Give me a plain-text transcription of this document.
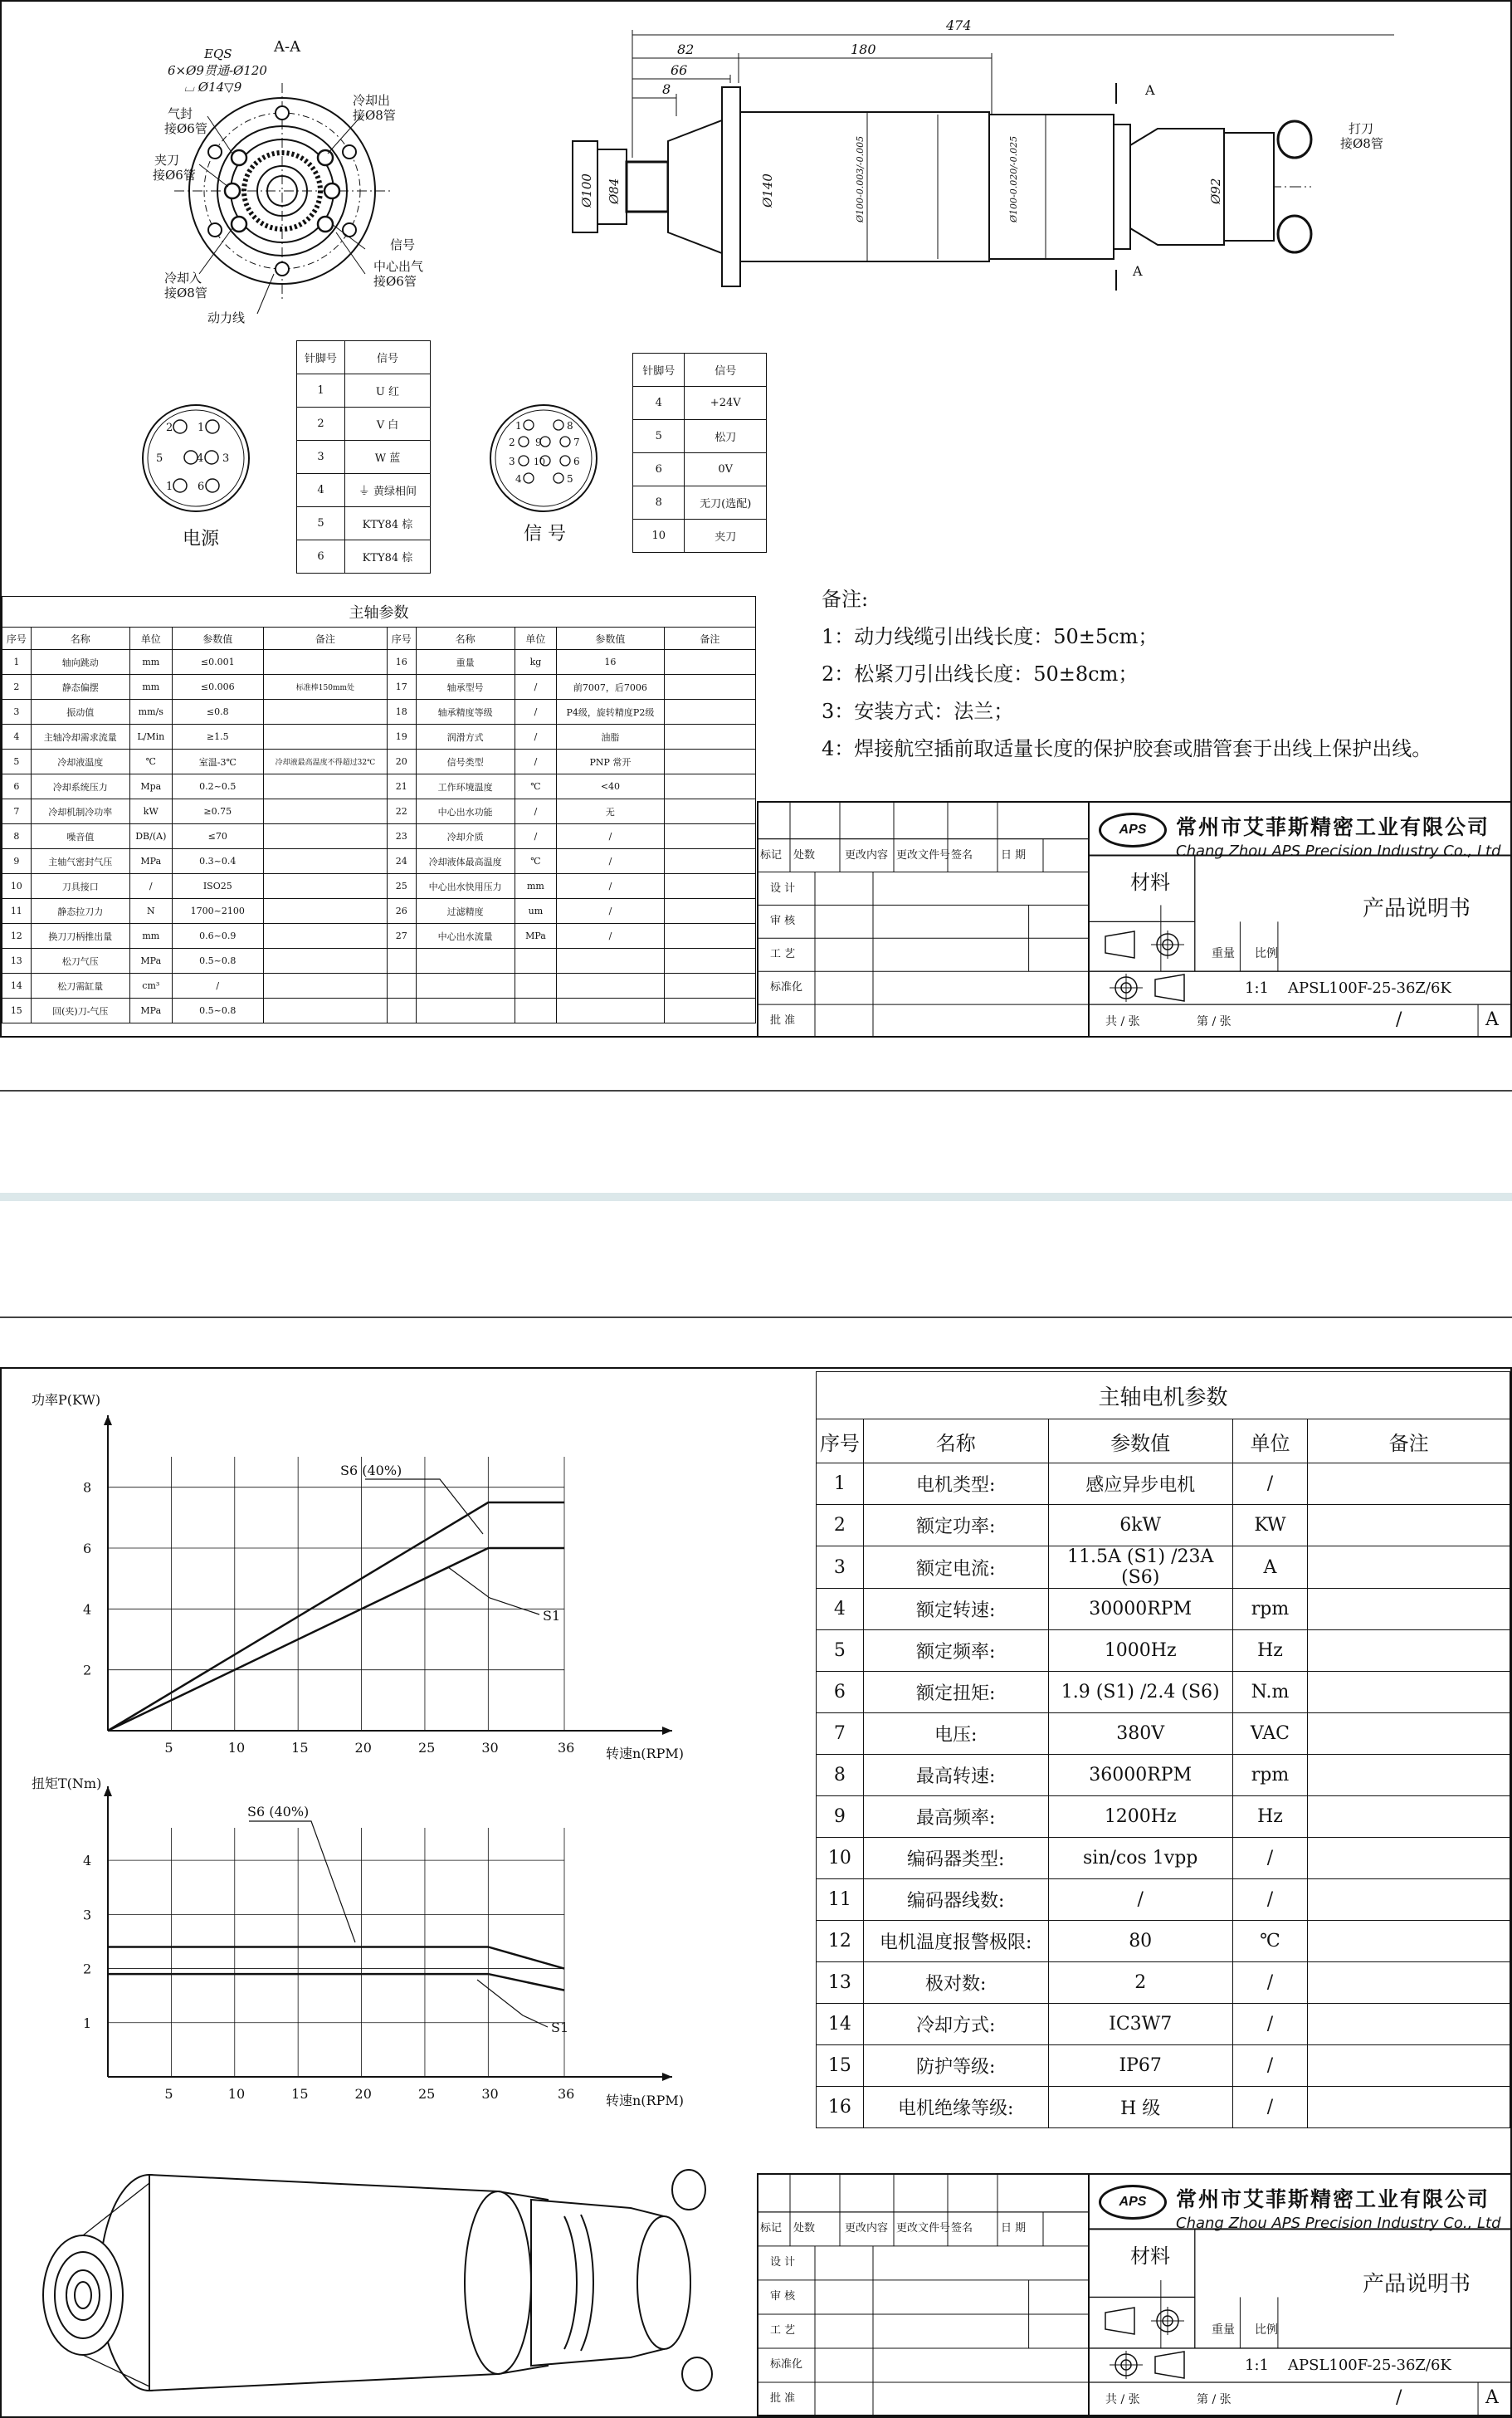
A-A
EQS
6×Ø9贯通-Ø120
⌴ Ø14▽9
气封
接Ø6管
夹刀
接Ø6管
冷却入
接Ø8管
动力线
冷却出
接Ø8管
信号
中心出气
接Ø6管
474
82	180
66
8
Ø100 Ø84	Ø140	Ø100-0.003/-0.005	Ø100-0.020/-0.025	Ø92
A
A
打刀
接Ø8管
1
2
3
4
5
6
1
电源
针脚号	信号
1	U 红
2	V 白
3	W 蓝
4	⏚ 黄绿相间
5	KTY84 棕
6	KTY84 棕
1	8
2 9	7
3 10	6
4	5
信 号
针脚号	信号
4	+24V
5	松刀
6	0V
8	无刀(选配)
10	夹刀
主轴参数									
序号	名称	单位	参数值	备注	序号	名称	单位	参数值	备注
1	轴向跳动	mm	≤0.001		16	重量	kg	16	
2	静态偏摆	mm	≤0.006	标准棒150mm处	17	轴承型号	/	前7007，后7006	
3	振动值	mm/s	≤0.8		18	轴承精度等级	/	P4级，旋转精度P2级	
4	主轴冷却需求流量	L/Min	≥1.5		19	润滑方式	/	油脂	
5	冷却液温度	℃	室温-3℃	冷却液最高温度不得超过32℃	20	信号类型	/	PNP 常开	
6	冷却系统压力	Mpa	0.2~0.5		21	工作环境温度	℃	<40	
7	冷却机制冷功率	kW	≥0.75		22	中心出水功能	/	无	
8	噪音值	DB/(A)	≤70		23	冷却介质	/	/	
9	主轴气密封气压	MPa	0.3~0.4		24	冷却液体最高温度	℃	/	
10	刀具接口	/	ISO25		25	中心出水快用压力	mm	/	
11	静态拉刀力	N	1700~2100		26	过滤精度	um	/	
12	换刀刀柄推出量	mm	0.6~0.9		27	中心出水流量	MPa	/	
13	松刀气压	MPa	0.5~0.8						
14	松刀需缸量	cm³	/						
15	回(夹)刀-气压	MPa	0.5~0.8						
备注:
1：动力线缆引出线长度：50±5cm；
2：松紧刀引出线长度：50±8cm；
3：安装方式：法兰；
4：焊接航空插前取适量长度的保护胶套或腊管套于出线上保护出线。
标记 处数	更改内容 更改文件号 签名	日 期
设 计
审 核
工 艺
标准化
批 准
APS	常州市艾菲斯精密工业有限公司
Chang Zhou APS Precision Industry Co., Ltd
材料
产品说明书
重量 比例
1:1 APSL100F-25-36Z/6K
共 / 张	第 / 张	/	A
功率P(KW)
转速n(RPM)
5	10	15	20	25	30	36
2
4
6
8
S6 (40%)
S1
扭矩T(Nm)
转速n(RPM)
5	10	15	20	25	30	36
1
2
3
4
S6 (40%)
S1
主轴电机参数				
序号	名称	参数值	单位	备注
1	电机类型:	感应异步电机	/	
2	额定功率:	6kW	KW	
3	额定电流:	11.5A (S1) /23A (S6)	A	
4	额定转速:	30000RPM	rpm	
5	额定频率:	1000Hz	Hz	
6	额定扭矩:	1.9 (S1) /2.4 (S6)	N.m	
7	电压:	380V	VAC	
8	最高转速:	36000RPM	rpm	
9	最高频率:	1200Hz	Hz	
10	编码器类型:	sin/cos 1vpp	/	
11	编码器线数:	/	/	
12	电机温度报警极限:	80	℃	
13	极对数:	2	/	
14	冷却方式:	IC3W7	/	
15	防护等级:	IP67	/	
16	电机绝缘等级:	H 级	/	
标记 处数	更改内容 更改文件号 签名	日 期
设 计
审 核
工 艺
标准化
批 准
APS	常州市艾菲斯精密工业有限公司
Chang Zhou APS Precision Industry Co., Ltd
材料
产品说明书
重量 比例
1:1 APSL100F-25-36Z/6K
共 / 张	第 / 张	/	A
